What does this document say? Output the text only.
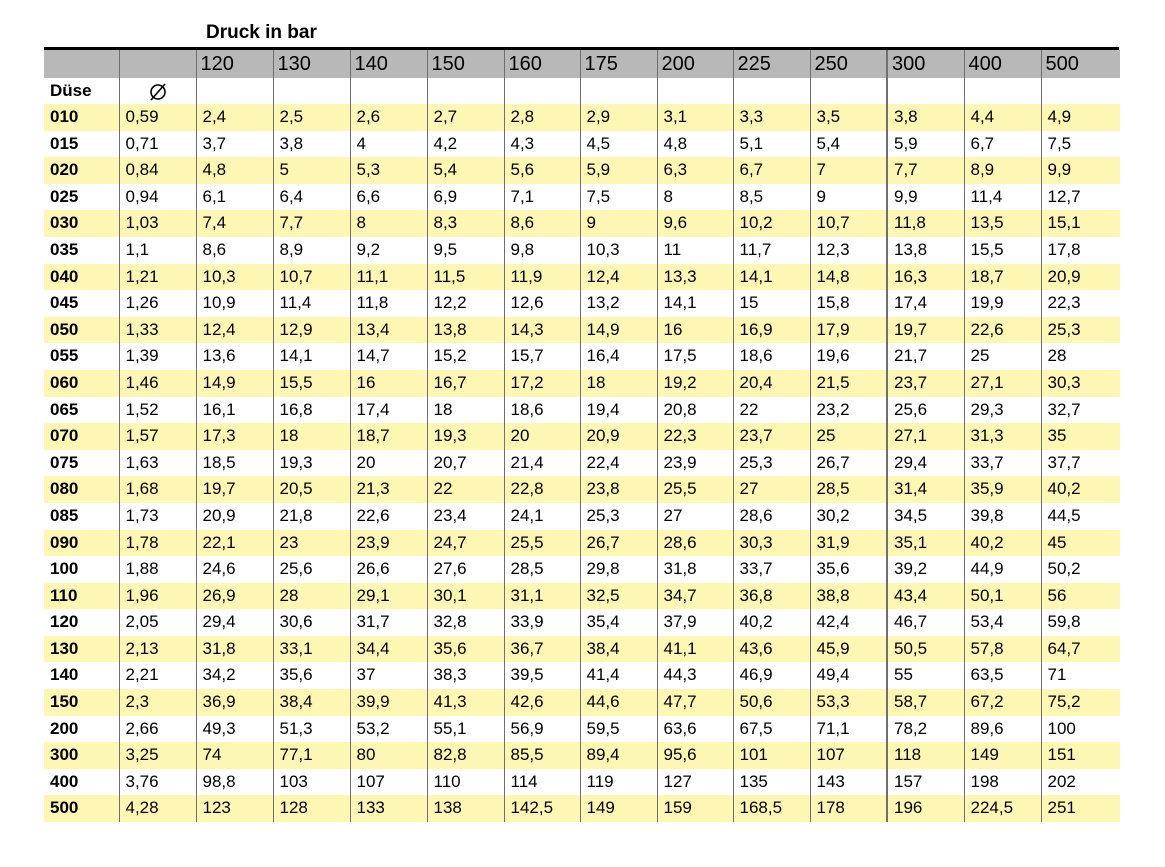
Druck in bar
		120	130	140	150	160	175	200	225	250	300	400	500
Düse													
010	0,59	2,4	2,5	2,6	2,7	2,8	2,9	3,1	3,3	3,5	3,8	4,4	4,9
015	0,71	3,7	3,8	4	4,2	4,3	4,5	4,8	5,1	5,4	5,9	6,7	7,5
020	0,84	4,8	5	5,3	5,4	5,6	5,9	6,3	6,7	7	7,7	8,9	9,9
025	0,94	6,1	6,4	6,6	6,9	7,1	7,5	8	8,5	9	9,9	11,4	12,7
030	1,03	7,4	7,7	8	8,3	8,6	9	9,6	10,2	10,7	11,8	13,5	15,1
035	1,1	8,6	8,9	9,2	9,5	9,8	10,3	11	11,7	12,3	13,8	15,5	17,8
040	1,21	10,3	10,7	11,1	11,5	11,9	12,4	13,3	14,1	14,8	16,3	18,7	20,9
045	1,26	10,9	11,4	11,8	12,2	12,6	13,2	14,1	15	15,8	17,4	19,9	22,3
050	1,33	12,4	12,9	13,4	13,8	14,3	14,9	16	16,9	17,9	19,7	22,6	25,3
055	1,39	13,6	14,1	14,7	15,2	15,7	16,4	17,5	18,6	19,6	21,7	25	28
060	1,46	14,9	15,5	16	16,7	17,2	18	19,2	20,4	21,5	23,7	27,1	30,3
065	1,52	16,1	16,8	17,4	18	18,6	19,4	20,8	22	23,2	25,6	29,3	32,7
070	1,57	17,3	18	18,7	19,3	20	20,9	22,3	23,7	25	27,1	31,3	35
075	1,63	18,5	19,3	20	20,7	21,4	22,4	23,9	25,3	26,7	29,4	33,7	37,7
080	1,68	19,7	20,5	21,3	22	22,8	23,8	25,5	27	28,5	31,4	35,9	40,2
085	1,73	20,9	21,8	22,6	23,4	24,1	25,3	27	28,6	30,2	34,5	39,8	44,5
090	1,78	22,1	23	23,9	24,7	25,5	26,7	28,6	30,3	31,9	35,1	40,2	45
100	1,88	24,6	25,6	26,6	27,6	28,5	29,8	31,8	33,7	35,6	39,2	44,9	50,2
110	1,96	26,9	28	29,1	30,1	31,1	32,5	34,7	36,8	38,8	43,4	50,1	56
120	2,05	29,4	30,6	31,7	32,8	33,9	35,4	37,9	40,2	42,4	46,7	53,4	59,8
130	2,13	31,8	33,1	34,4	35,6	36,7	38,4	41,1	43,6	45,9	50,5	57,8	64,7
140	2,21	34,2	35,6	37	38,3	39,5	41,4	44,3	46,9	49,4	55	63,5	71
150	2,3	36,9	38,4	39,9	41,3	42,6	44,6	47,7	50,6	53,3	58,7	67,2	75,2
200	2,66	49,3	51,3	53,2	55,1	56,9	59,5	63,6	67,5	71,1	78,2	89,6	100
300	3,25	74	77,1	80	82,8	85,5	89,4	95,6	101	107	118	149	151
400	3,76	98,8	103	107	110	114	119	127	135	143	157	198	202
500	4,28	123	128	133	138	142,5	149	159	168,5	178	196	224,5	251
